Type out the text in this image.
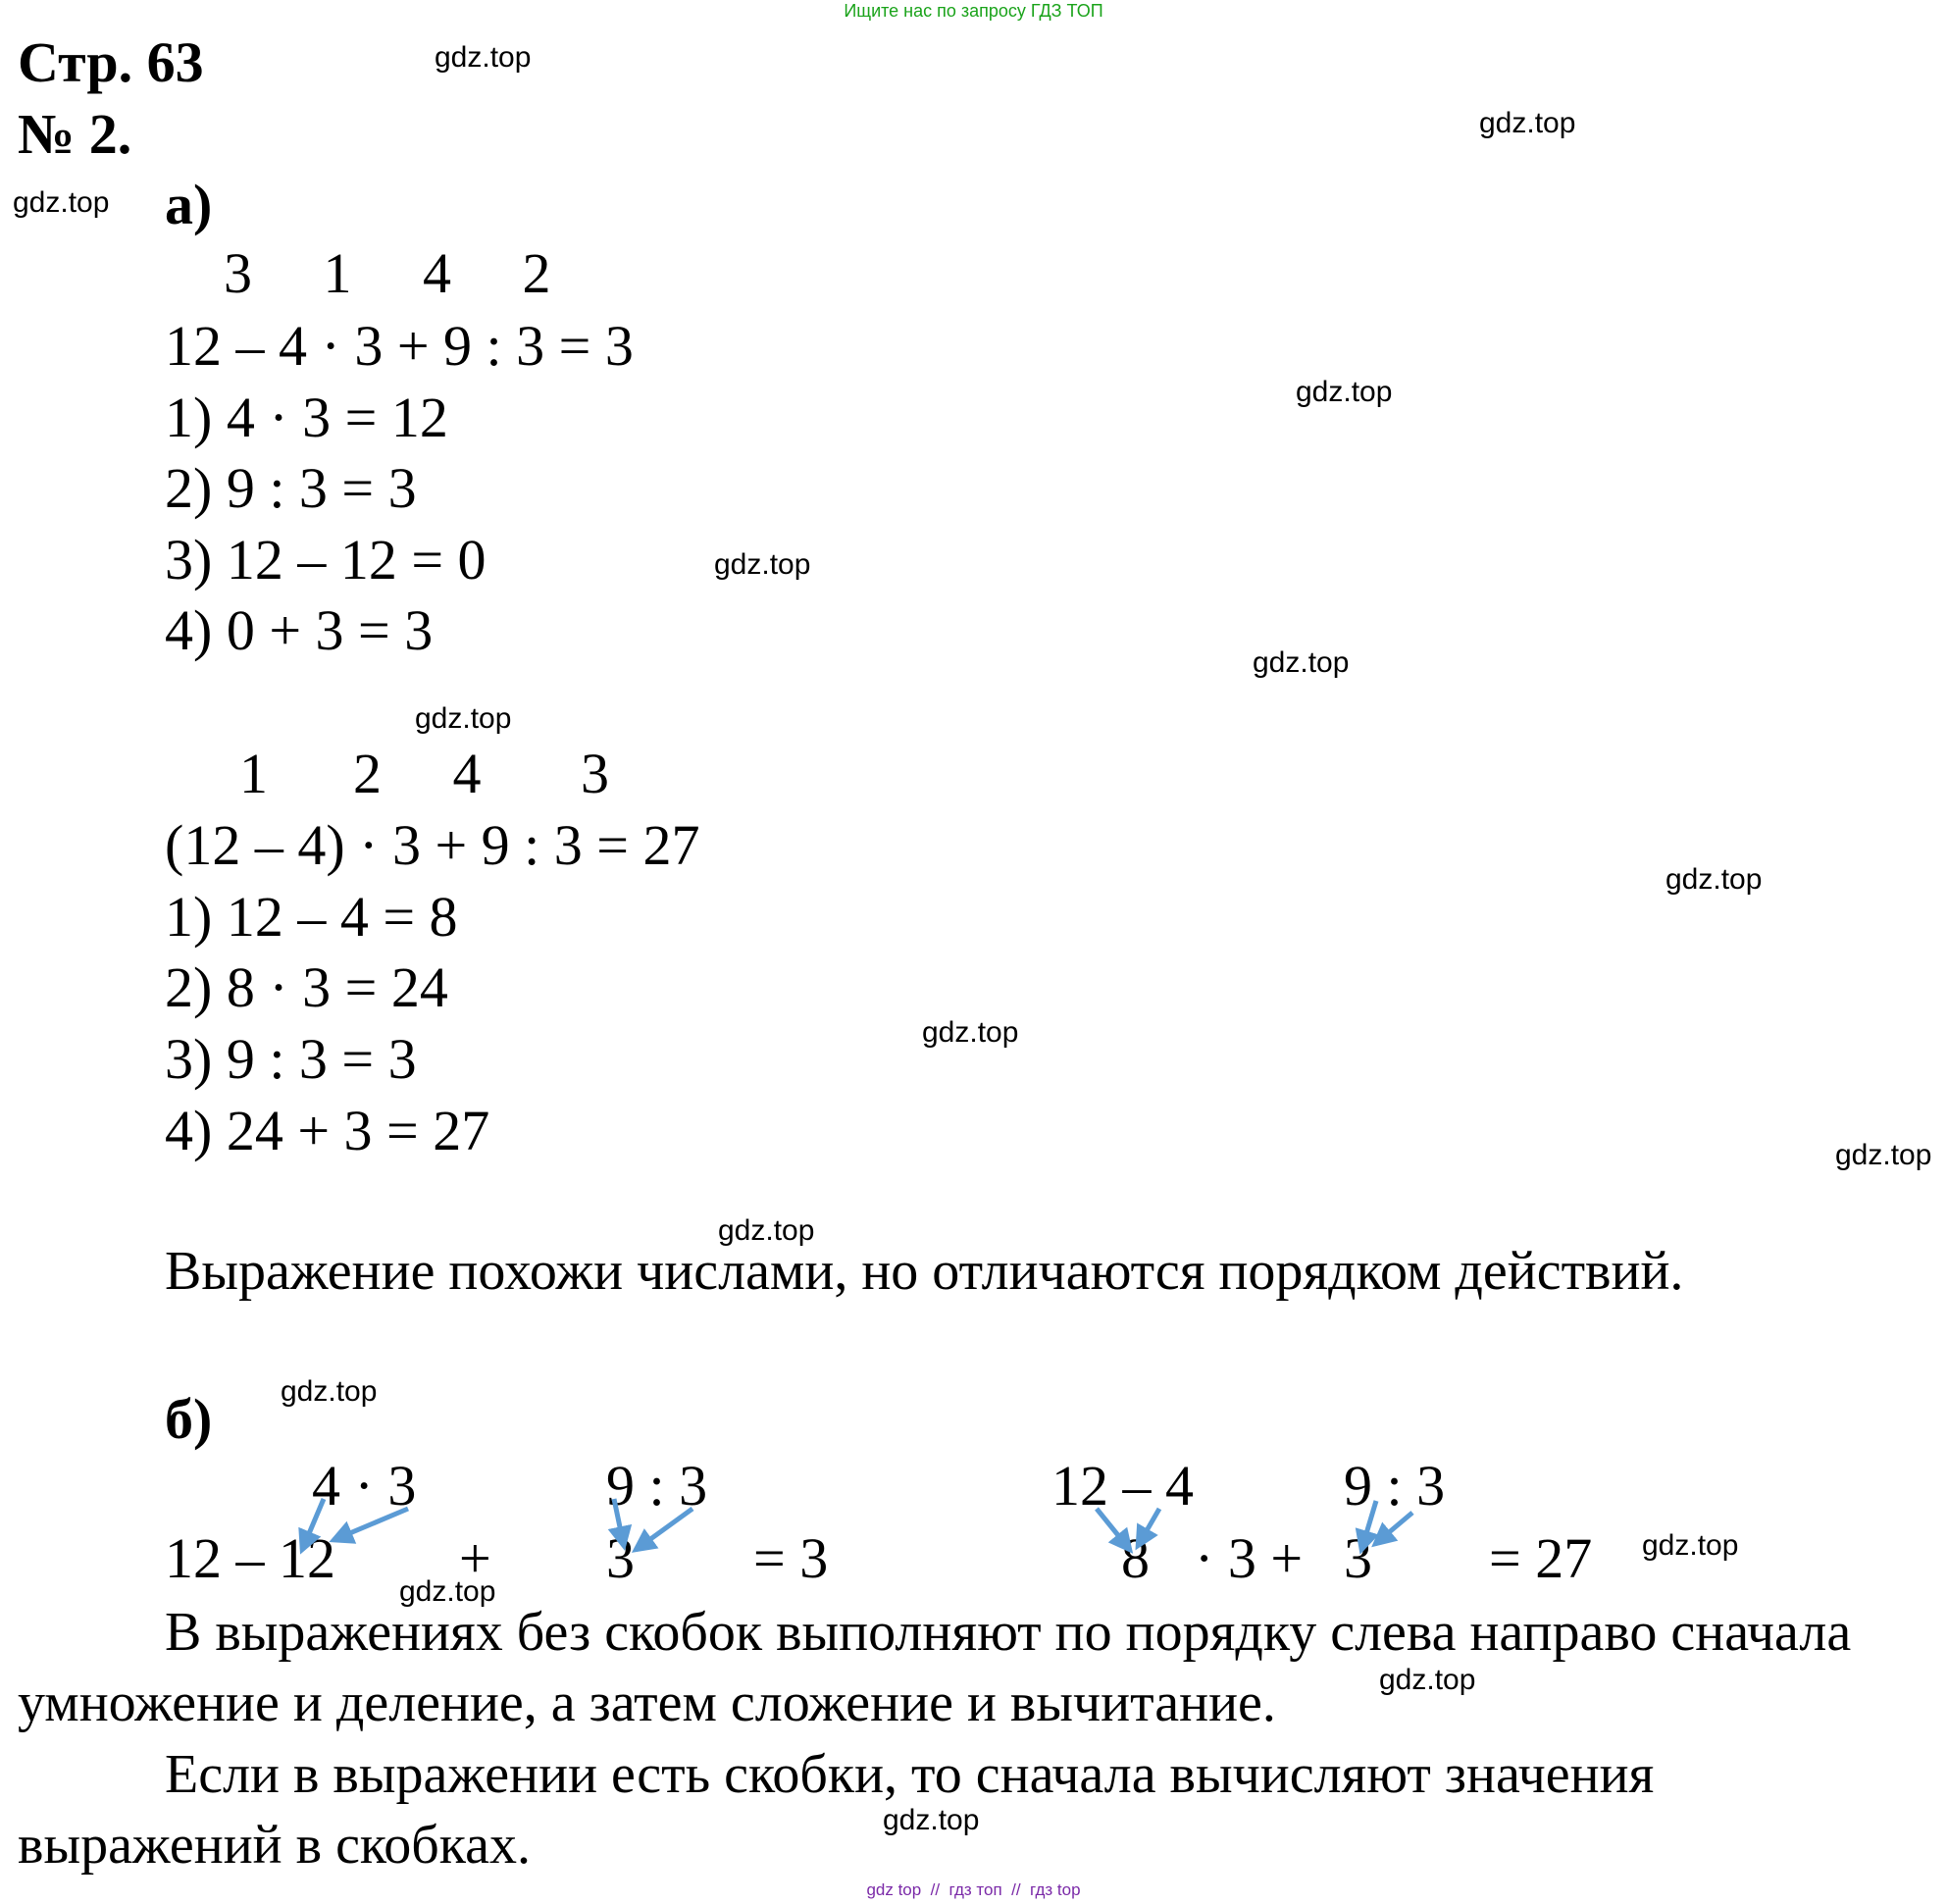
Ищите нас по запросу ГДЗ ТОП
Стр. 63
№ 2.
gdz.top
gdz.top
gdz.top
gdz.top
gdz.top
gdz.top
gdz.top
gdz.top
gdz.top
gdz.top
gdz.top
gdz.top
gdz.top
gdz.top
gdz.top
gdz.top
а)
3     1     4     2
12 – 4 · 3 + 9 : 3 = 3
1) 4 · 3 = 12
2) 9 : 3 = 3
3) 12 – 12 = 0
4) 0 + 3 = 3
1      2     4       3
(12 – 4) · 3 + 9 : 3 = 27
1) 12 – 4 = 8
2) 8 · 3 = 24
3) 9 : 3 = 3
4) 24 + 3 = 27
Выражение похожи числами, но отличаются порядком действий.
б)
4 · 3	9 : 3
12 – 12 + 3 = 3
12 – 4	9 : 3
8 · 3 + 3 = 27
В выражениях без скобок выполняют по порядку слева направо сначала
умножение и деление, а затем сложение и вычитание.
Если в выражении есть скобки, то сначала вычисляют значения
выражений в скобках.
gdz top  //  гдз топ  //  гдз top
